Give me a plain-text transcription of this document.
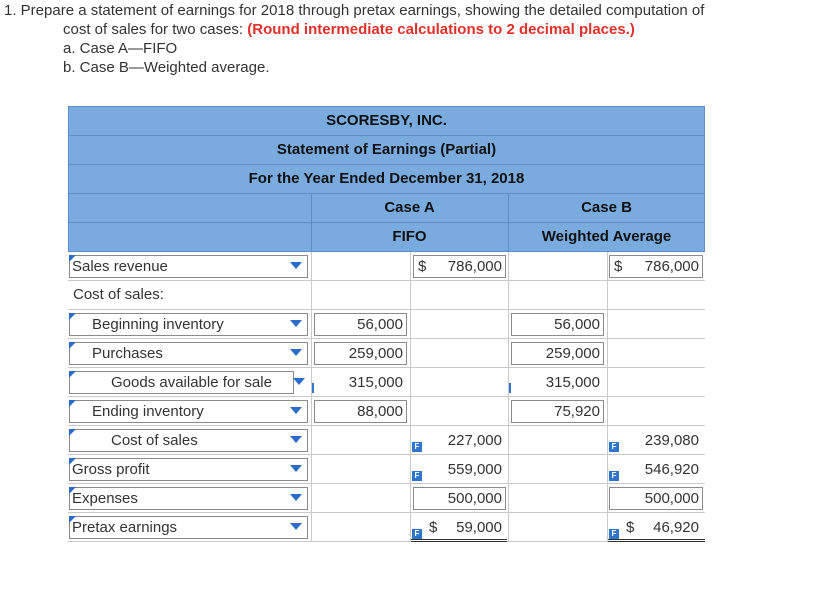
1. Prepare a statement of earnings for 2018 through pretax earnings, showing the detailed computation of
cost of sales for two cases: (Round intermediate calculations to 2 decimal places.)
a. Case A—FIFO
b. Case B—Weighted average.
SCORESBY, INC.
Statement of Earnings (Partial)
For the Year Ended December 31, 2018
Case A	Case B
FIFO	Weighted Average
Sales revenue	$ 786,000	$ 786,000
Cost of sales:
Beginning inventory	56,000	56,000
Purchases	259,000	259,000
Goods available for sale	315,000	315,000
Ending inventory	88,000	75,920
Cost of sales	F	227,000	F	239,080
Gross profit	F	559,000	F	546,920
Expenses	500,000	500,000
Pretax earnings	F $ 59,000	F $ 46,920
